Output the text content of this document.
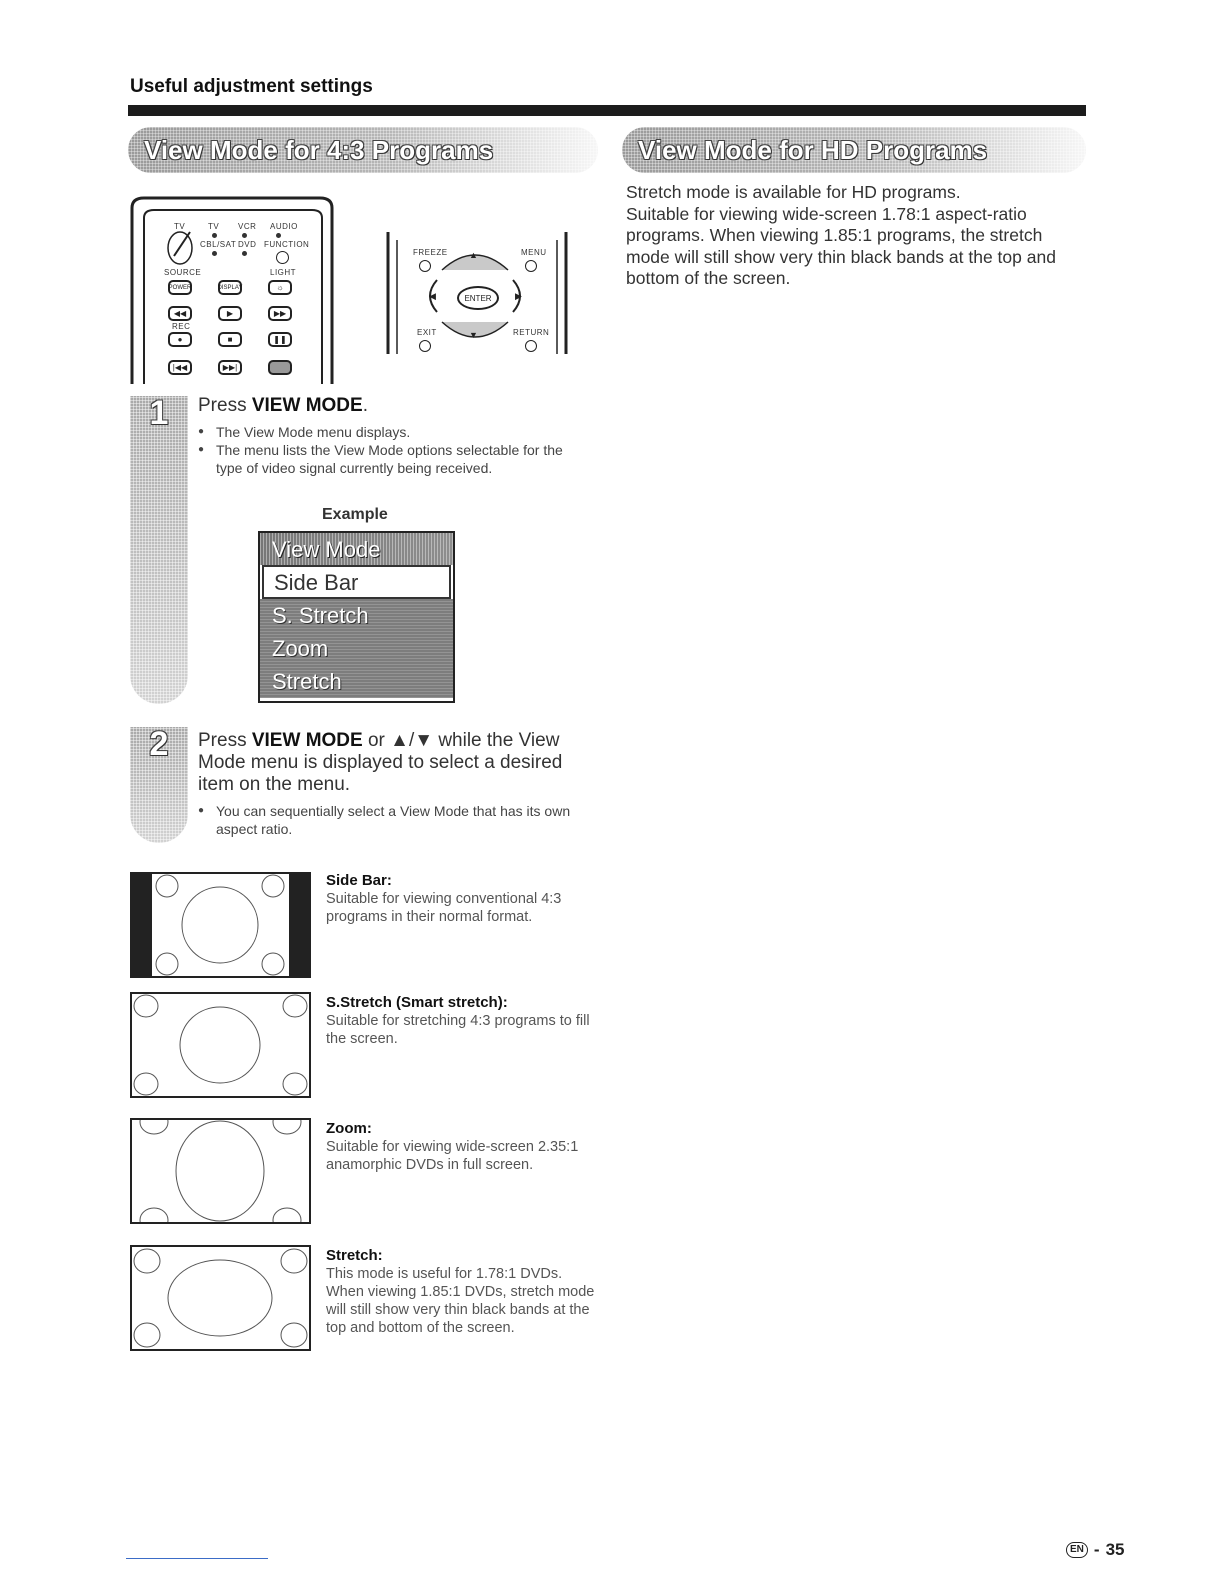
Useful adjustment settings
View Mode for 4:3 Programs	View Mode for HD Programs

Stretch mode is available for HD programs.

Suitable for viewing wide-screen 1.78:1 aspect-ratio programs. When viewing 1.85:1 programs, the stretch mode will still show very thin black bands at the top and bottom of the screen.

TV	TV VCR AUDIO
CBL/SAT DVD FUNCTION
SOURCE	LIGHT
POWER	DISPLAY	☼
◀◀	▶	▶▶
REC
●	■	❚❚
|◀◀	▶▶|
FREEZE	MENU
▲
◀	▶
ENTER
▼
EXIT	RETURN
1	Press VIEW MODE.
● The View Mode menu displays.
● The menu lists the View Mode options selectable for the type of video signal currently being received.
Example
View Mode
Side Bar
S. Stretch
Zoom
Stretch
2	Press VIEW MODE or ▲/▼ while the View Mode menu is displayed to select a desired item on the menu.
● You can sequentially select a View Mode that has its own aspect ratio.
Side Bar:
Suitable for viewing conventional 4:3 programs in their normal format.
S.Stretch (Smart stretch):
Suitable for stretching 4:3 programs to fill the screen.
Zoom:
Suitable for viewing wide-screen 2.35:1 anamorphic DVDs in full screen.
Stretch:
This mode is useful for 1.78:1 DVDs.
When viewing 1.85:1 DVDs, stretch mode will still show very thin black bands at the top and bottom of the screen.
EN - 35
